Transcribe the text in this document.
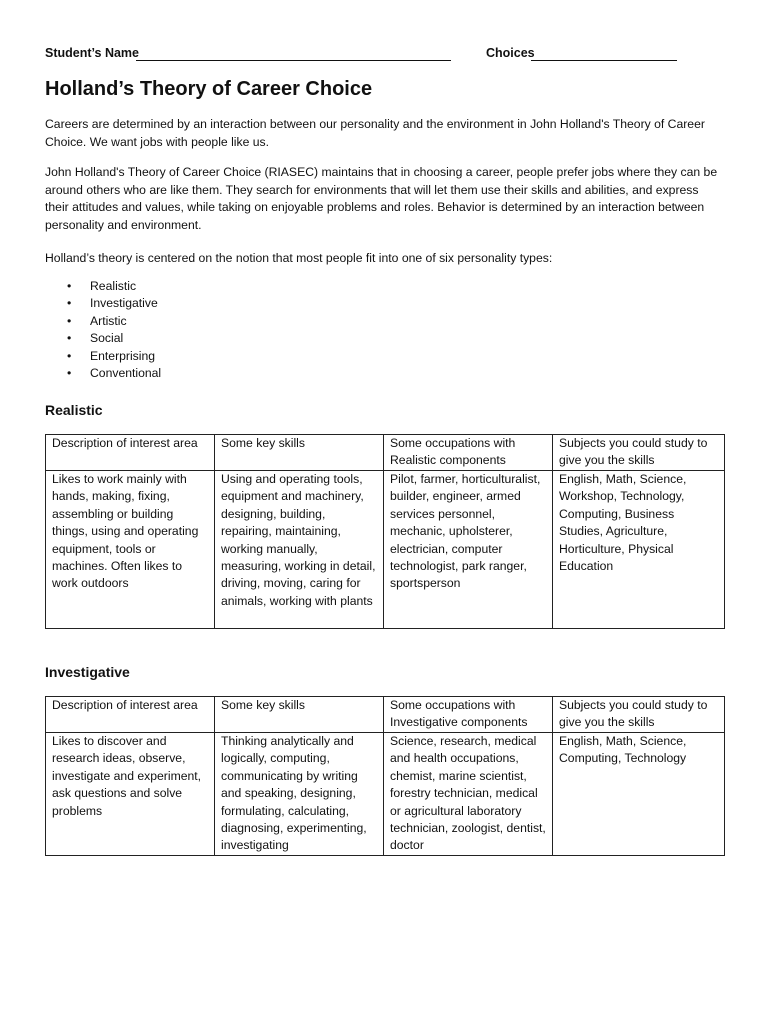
Student’s Name	Choices
Holland’s Theory of Career Choice

Careers are determined by an interaction between our personality and the environment in John Holland's Theory of Career Choice. We want jobs with people like us.

John Holland's Theory of Career Choice (RIASEC) maintains that in choosing a career, people prefer jobs where they can be around others who are like them. They search for environments that will let them use their skills and abilities, and express their attitudes and values, while taking on enjoyable problems and roles. Behavior is determined by an interaction between personality and environment.

Holland’s theory is centered on the notion that most people fit into one of six personality types:

• Realistic
• Investigative
• Artistic
• Social
• Enterprising
• Conventional
Realistic
Description of interest area	Some key skills	Some occupations with Realistic components	Subjects you could study to give you the skills
Likes to work mainly with hands, making, fixing, assembling or building things, using and operating equipment, tools or machines. Often likes to work outdoors	Using and operating tools, equipment and machinery, designing, building, repairing, maintaining, working manually, measuring, working in detail, driving, moving, caring for animals, working with plants	Pilot, farmer, horticulturalist, builder, engineer, armed services personnel, mechanic, upholsterer, electrician, computer technologist, park ranger, sportsperson	English, Math, Science, Workshop, Technology, Computing, Business Studies, Agriculture, Horticulture, Physical Education
Investigative
Description of interest area	Some key skills	Some occupations with Investigative components	Subjects you could study to give you the skills
Likes to discover and research ideas, observe, investigate and experiment, ask questions and solve problems	Thinking analytically and logically, computing, communicating by writing and speaking, designing, formulating, calculating, diagnosing, experimenting, investigating	Science, research, medical and health occupations, chemist, marine scientist, forestry technician, medical or agricultural laboratory technician, zoologist, dentist, doctor	English, Math, Science, Computing, Technology
